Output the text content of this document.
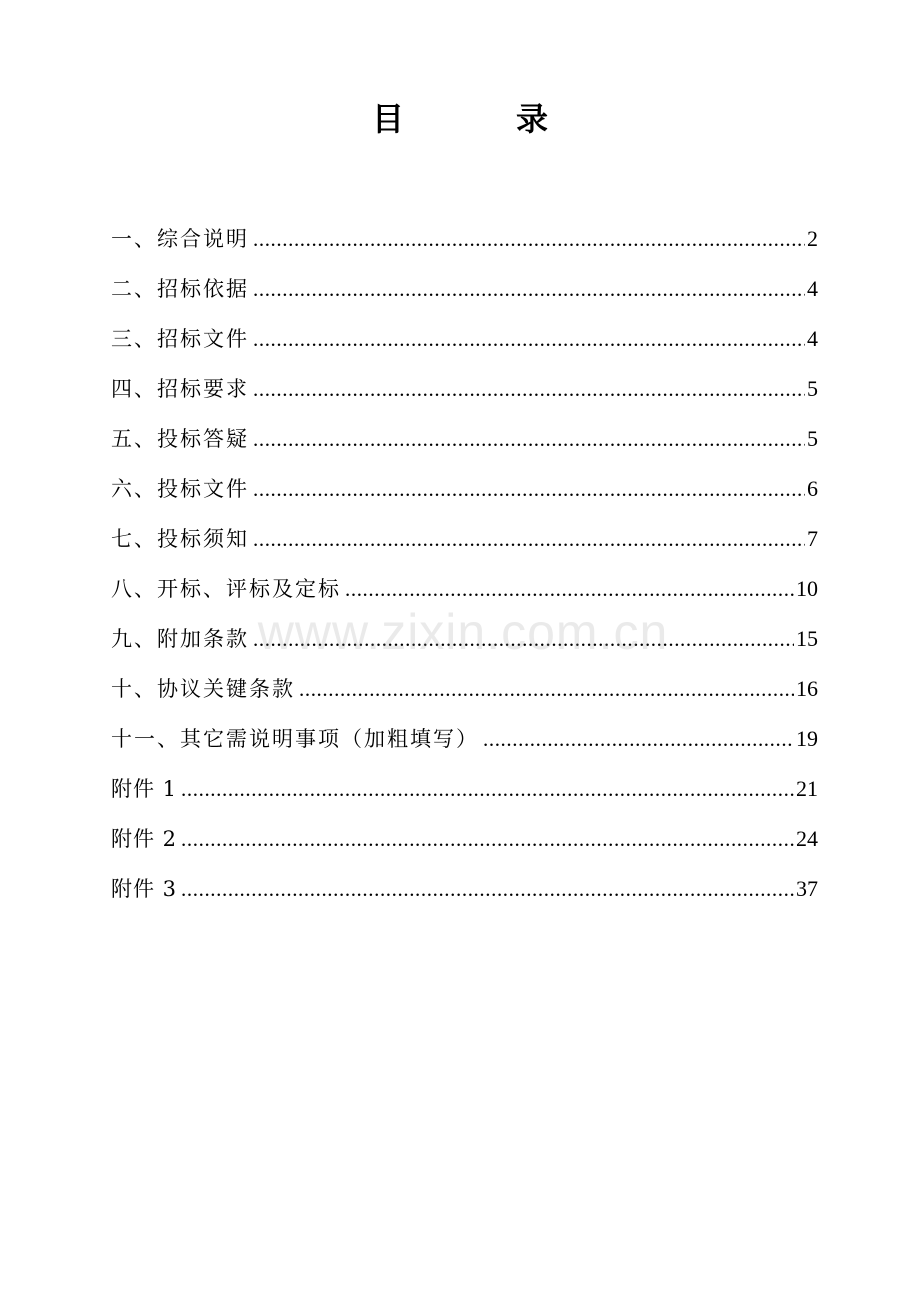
目　录
一、综合说明 .....	2
二、招标依据 .....	4
三、招标文件 .....	4
四、招标要求 .....	5
五、投标答疑 .....	5
六、投标文件 .....	6
七、投标须知 .....	7
八、开标、评标及定标 .....	10
九、附加条款 .....	15
十、协议关键条款 .....	16
十一、其它需说明事项（加粗填写） .....	19
附件 1 .....	21
附件 2 .....	24
附件 3 .....	37
www.zixin.com.cn
